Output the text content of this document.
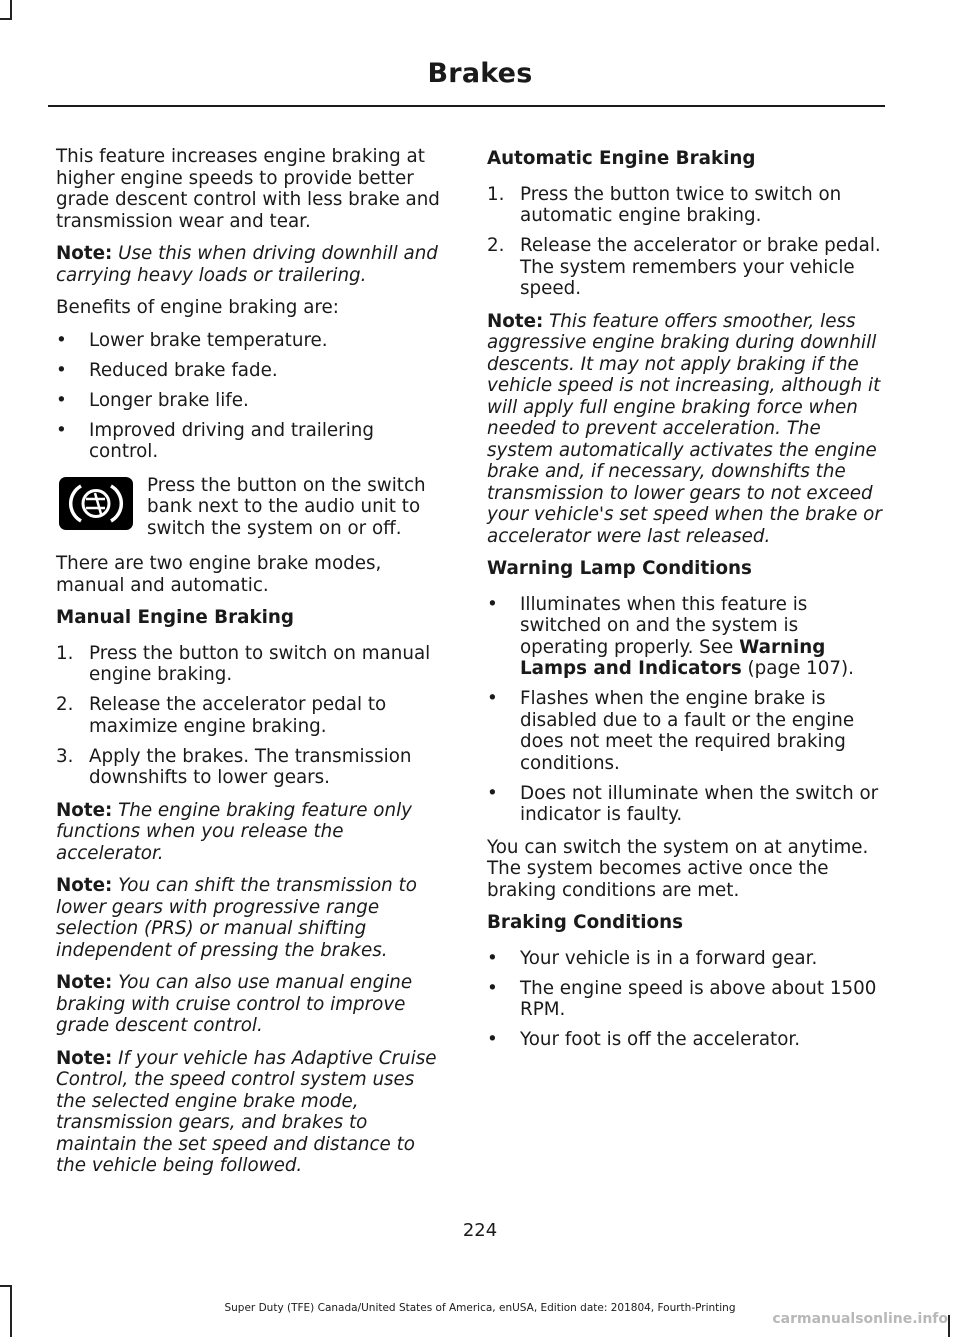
Brakes

This feature increases engine braking at higher engine speeds to provide better grade descent control with less brake and transmission wear and tear.

Note: Use this when driving downhill and carrying heavy loads or trailering.

Benefits of engine braking are:

• Lower brake temperature.
• Reduced brake fade.
• Longer brake life.
• Improved driving and trailering control.
Press the button on the switch bank next to the audio unit to switch the system on or off.

There are two engine brake modes, manual and automatic.

Manual Engine Braking
1. Press the button to switch on manual engine braking.
2. Release the accelerator pedal to maximize engine braking.
3. Apply the brakes. The transmission downshifts to lower gears.

Note: The engine braking feature only functions when you release the accelerator.

Note: You can shift the transmission to lower gears with progressive range selection (PRS) or manual shifting independent of pressing the brakes.

Note: You can also use manual engine braking with cruise control to improve grade descent control.

Note: If your vehicle has Adaptive Cruise Control, the speed control system uses the selected engine brake mode, transmission gears, and brakes to maintain the set speed and distance to the vehicle being followed.

Automatic Engine Braking
1. Press the button twice to switch on automatic engine braking.
2. Release the accelerator or brake pedal. The system remembers your vehicle speed.

Note: This feature offers smoother, less aggressive engine braking during downhill descents. It may not apply braking if the vehicle speed is not increasing, although it will apply full engine braking force when needed to prevent acceleration. The system automatically activates the engine brake and, if necessary, downshifts the transmission to lower gears to not exceed your vehicle's set speed when the brake or accelerator were last released.

Warning Lamp Conditions
• Illuminates when this feature is switched on and the system is operating properly. See Warning Lamps and Indicators (page 107).
• Flashes when the engine brake is disabled due to a fault or the engine does not meet the required braking conditions.
• Does not illuminate when the switch or indicator is faulty.

You can switch the system on at anytime. The system becomes active once the braking conditions are met.

Braking Conditions
• Your vehicle is in a forward gear.
• The engine speed is above about 1500 RPM.
• Your foot is off the accelerator.
224
Super Duty (TFE) Canada/United States of America, enUSA, Edition date: 201804, Fourth-Printing
carmanualsonline.info
